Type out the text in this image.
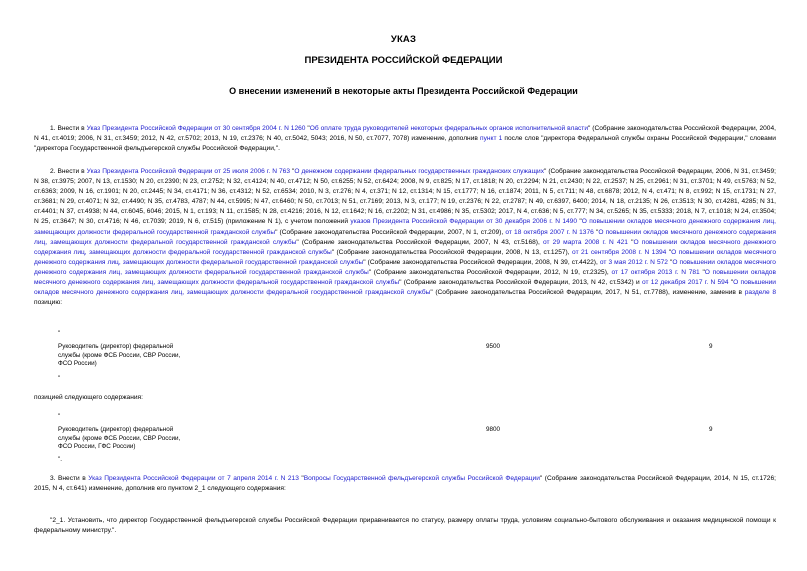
УКАЗ
ПРЕЗИДЕНТА РОССИЙСКОЙ ФЕДЕРАЦИИ
О внесении изменений в некоторые акты Президента Российской Федерации
1. Внести в Указ Президента Российской Федерации от 30 сентября 2004 г. N 1260 "Об оплате труда руководителей некоторых федеральных органов исполнительной власти" (Собрание законодательства Российской Федерации, 2004, N 41, ст.4019; 2006, N 31, ст.3459; 2012, N 42, ст.5702; 2013, N 19, ст.2376; N 40, ст.5042, 5043; 2016, N 50, ст.7077, 7078) изменение, дополнив пункт 1 после слов "директора Федеральной службы охраны Российской Федерации," словами "директора Государственной фельдъегерской службы Российской Федерации,".
2. Внести в Указ Президента Российской Федерации от 25 июля 2006 г. N 763 "О денежном содержании федеральных государственных гражданских служащих" (Собрание законодательства Российской Федерации, 2006, N 31, ст.3459; N 38, ст.3975; 2007, N 13, ст.1530; N 20, ст.2390; N 23, ст.2752; N 32, ст.4124; N 40, ст.4712; N 50, ст.6255; N 52, ст.6424; 2008, N 9, ст.825; N 17, ст.1818; N 20, ст.2294; N 21, ст.2430; N 22, ст.2537; N 25, ст.2961; N 31, ст.3701; N 49, ст.5763; N 52, ст.6363; 2009, N 16, ст.1901; N 20, ст.2445; N 34, ст.4171; N 36, ст.4312; N 52, ст.6534; 2010, N 3, ст.276; N 4, ст.371; N 12, ст.1314; N 15, ст.1777; N 16, ст.1874; 2011, N 5, ст.711; N 48, ст.6878; 2012, N 4, ст.471; N 8, ст.992; N 15, ст.1731; N 27, ст.3681; N 29, ст.4071; N 32, ст.4490; N 35, ст.4783, 4787; N 44, ст.5995; N 47, ст.6460; N 50, ст.7013; N 51, ст.7169; 2013, N 3, ст.177; N 19, ст.2376; N 22, ст.2787; N 49, ст.6397, 6400; 2014, N 18, ст.2135; N 26, ст.3513; N 30, ст.4281, 4285; N 31, ст.4401; N 37, ст.4938; N 44, ст.6045, 6046; 2015, N 1, ст.193; N 11, ст.1585; N 28, ст.4216; 2016, N 12, ст.1642; N 16, ст.2202; N 31, ст.4986; N 35, ст.5302; 2017, N 4, ст.636; N 5, ст.777; N 34, ст.5265; N 35, ст.5333; 2018, N 7, ст.1018; N 24, ст.3504; N 25, ст.3647; N 30, ст.4716; N 46, ст.7039; 2019, N 6, ст.515) (приложение N 1), с учетом положений указов Президента Российской Федерации от 30 декабря 2006 г. N 1490 "О повышении окладов месячного денежного содержания лиц, замещающих должности федеральной государственной гражданской службы" (Собрание законодательства Российской Федерации, 2007, N 1, ст.209), от 18 октября 2007 г. N 1376 "О повышении окладов месячного денежного содержания лиц, замещающих должности федеральной государственной гражданской службы" (Собрание законодательства Российской Федерации, 2007, N 43, ст.5168), от 29 марта 2008 г. N 421 "О повышении окладов месячного денежного содержания лиц, замещающих должности федеральной государственной гражданской службы" (Собрание законодательства Российской Федерации, 2008, N 13, ст.1257), от 21 сентября 2008 г. N 1394 "О повышении окладов месячного денежного содержания лиц, замещающих должности федеральной государственной гражданской службы" (Собрание законодательства Российской Федерации, 2008, N 39, ст.4422), от 3 мая 2012 г. N 572 "О повышении окладов месячного денежного содержания лиц, замещающих должности федеральной государственной гражданской службы" (Собрание законодательства Российской Федерации, 2012, N 19, ст.2325), от 17 октября 2013 г. N 781 "О повышении окладов месячного денежного содержания лиц, замещающих должности федеральной государственной гражданской службы" (Собрание законодательства Российской Федерации, 2013, N 42, ст.5342) и от 12 декабря 2017 г. N 594 "О повышении окладов месячного денежного содержания лиц, замещающих должности федеральной государственной гражданской службы" (Собрание законодательства Российской Федерации, 2017, N 51, ст.7788), изменение, заменив в разделе 8 позицию:
"
Руководитель (директор) федеральной службы (кроме ФСБ России, СВР России, ФСО России)
9500	9
"
позицией следующего содержания:
"
Руководитель (директор) федеральной службы (кроме ФСБ России, СВР России, ФСО России, ГФС России)
9800	9
".
3. Внести в Указ Президента Российской Федерации от 7 апреля 2014 г. N 213 "Вопросы Государственной фельдъегерской службы Российской Федерации" (Собрание законодательства Российской Федерации, 2014, N 15, ст.1726; 2015, N 4, ст.641) изменение, дополнив его пунктом 2_1 следующего содержания:
"2_1. Установить, что директор Государственной фельдъегерской службы Российской Федерации приравнивается по статусу, размеру оплаты труда, условиям социально-бытового обслуживания и оказания медицинской помощи к федеральному министру.".
